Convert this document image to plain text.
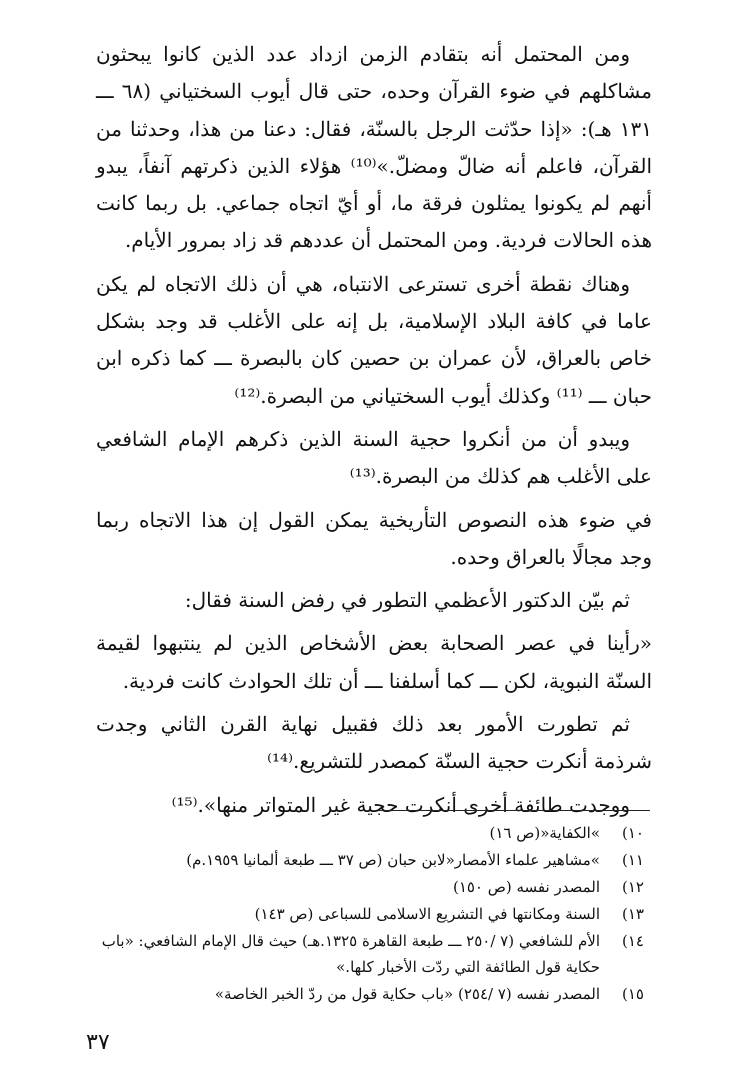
ومن المحتمل أنه بتقادم الزمن ازداد عدد الذين كانوا يبحثون مشاكلهم في ضوء القرآن وحده، حتى قال أيوب السختياني (٦٨ ـــ ١٣١ هـ): «إذا حدّثت الرجل بالسنّة، فقال: دعنا من هذا، وحدثنا من القرآن، فاعلم أنه ضالّ ومضلّ.»⁽¹⁰⁾ هؤلاء الذين ذكرتهم آنفاً، يبدو أنهم لم يكونوا يمثلون فرقة ما، أو أيّ اتجاه جماعي. بل ربما كانت هذه الحالات فردية. ومن المحتمل أن عددهم قد زاد بمرور الأيام.

وهناك نقطة أخرى تسترعى الانتباه، هي أن ذلك الاتجاه لم يكن عاما في كافة البلاد الإسلامية، بل إنه على الأغلب قد وجد بشكل خاص بالعراق، لأن عمران بن حصين كان بالبصرة ـــ كما ذكره ابن حبان ـــ ⁽¹¹⁾ وكذلك أيوب السختياني من البصرة.⁽¹²⁾

ويبدو أن من أنكروا حجية السنة الذين ذكرهم الإمام الشافعي على الأغلب هم كذلك من البصرة.⁽¹³⁾

في ضوء هذه النصوص التأريخية يمكن القول إن هذا الاتجاه ربما وجد مجالًا بالعراق وحده.

ثم بيّن الدكتور الأعظمي التطور في رفض السنة فقال:

«رأينا في عصر الصحابة بعض الأشخاص الذين لم ينتبهوا لقيمة السنّة النبوية، لكن ـــ كما أسلفنا ـــ أن تلك الحوادث كانت فردية.

ثم تطورت الأمور بعد ذلك فقبيل نهاية القرن الثاني وجدت شرذمة أنكرت حجية السنّة كمصدر للتشريع.⁽¹⁴⁾

ووجدت طائفة أخرى أنكرت حجية غير المتواتر منها».⁽¹⁵⁾

١٠)
»الكفاية«(ص ١٦)
١١)
»مشاهير علماء الأمصار«لابن حبان (ص ٣٧ ـــ طبعة ألمانيا ١٩٥٩.م)
١٢)
المصدر نفسه (ص ١٥٠)
١٣)
السنة ومكانتها في التشريع الاسلامى للسباعى (ص ١٤٣)
١٤)
الأم للشافعي (٧ /٢٥٠ ـــ طبعة القاهرة ١٣٢٥.هـ) حيث قال الإمام الشافعي: «باب حكاية قول الطائفة التي ردّت الأخبار كلها.»
١٥)
المصدر نفسه (٧ /٢٥٤) «باب حكاية قول من ردّ الخبر الخاصة»
٣٧
